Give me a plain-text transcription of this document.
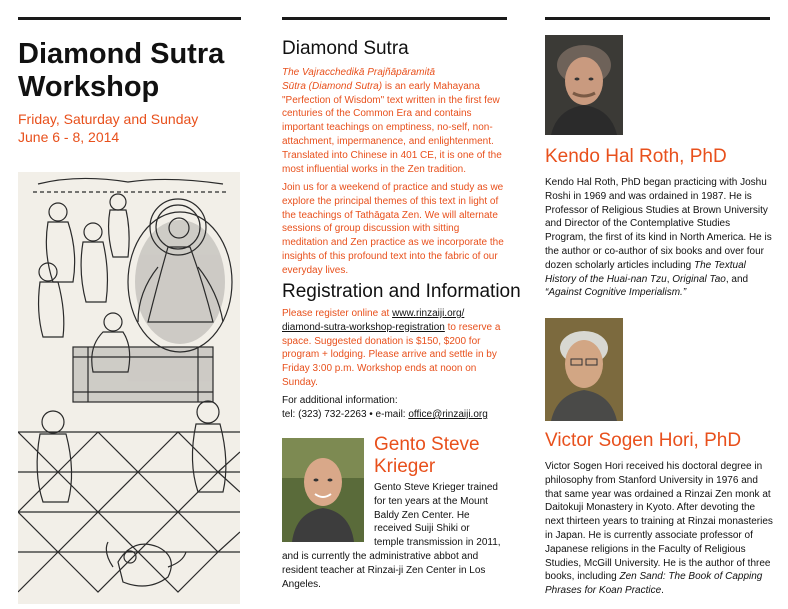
Diamond Sutra Workshop
Friday, Saturday and Sunday
June 6 - 8, 2014
Diamond Sutra
The Vajracchedikā Prajñāpāramitā
Sūtra (Diamond Sutra) is an early Mahayana "Perfection of Wisdom" text written in the first few centuries of the Common Era and contains important teachings on emptiness, no-self, non-attachment, impermanence, and enlightenment. Translated into Chinese in 401 CE, it is one of the most influential works in the Zen tradition.
Join us for a weekend of practice and study as we explore the principal themes of this text in light of the teachings of Tathāgata Zen. We will alternate sessions of group discussion with sitting meditation and Zen practice as we incorporate the insights of this profound text into the fabric of our everyday lives.
Registration and Information
Please register online at www.rinzaiji.org/
diamond-sutra-workshop-registration to reserve a space. Suggested donation is $150, $200 for program + lodging. Please arrive and settle in by Friday 3:00 p.m. Workshop ends at noon on Sunday.
For additional information:
tel: (323) 732-2263 • e-mail: office@rinzaiji.org
Gento Steve
Krieger
Gento Steve Krieger trained
for ten years at the Mount
Baldy Zen Center. He
received Suiji Shiki or
temple transmission in 2011,
and is currently the administrative abbot and resident teacher at Rinzai-ji Zen Center in Los Angeles.
Kendo Hal Roth, PhD
Kendo Hal Roth, PhD began practicing with Joshu Roshi in 1969 and was ordained in 1987. He is Professor of Religious Studies at Brown University and Director of the Contemplative Studies Program, the first of its kind in North America. He is the author or co-author of six books and over four dozen scholarly articles including The Textual History of the Huai-nan Tzu, Original Tao, and “Against Cognitive Imperialism.”
Victor Sogen Hori, PhD
Victor Sogen Hori received his doctoral degree in philosophy from Stanford University in 1976 and that same year was ordained a Rinzai Zen monk at Daitokuji Monastery in Kyoto. After devoting the next thirteen years to training at Rinzai monasteries in Japan. He is currently associate professor of Japanese religions in the Faculty of Religious Studies, McGill University. He is the author of three books, including Zen Sand: The Book of Capping Phrases for Koan Practice.
